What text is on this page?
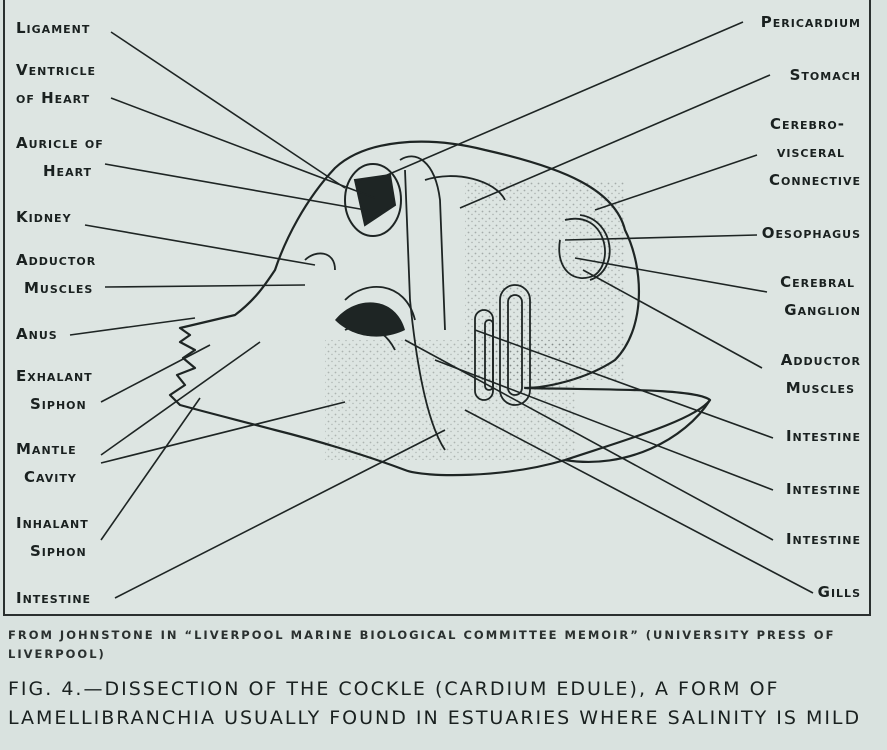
Ligament
Ventricle
of Heart
Auricle of
Heart
Kidney
Adductor
Muscles
Anus
Exhalant
Siphon
Mantle
Cavity
Inhalant
Siphon
Intestine
Pericardium
Stomach
Cerebro-
visceral
Connective
Oesophagus
Cerebral
Ganglion
Adductor
Muscles
Intestine
Intestine
Intestine
Gills
FROM JOHNSTONE IN “LIVERPOOL MARINE BIOLOGICAL COMMITTEE MEMOIR” (UNIVERSITY PRESS OF LIVERPOOL)
FIG. 4.—DISSECTION OF THE COCKLE (CARDIUM EDULE), A FORM OF LAMELLIBRANCHIA USUALLY FOUND IN ESTUARIES WHERE SALINITY IS MILD
